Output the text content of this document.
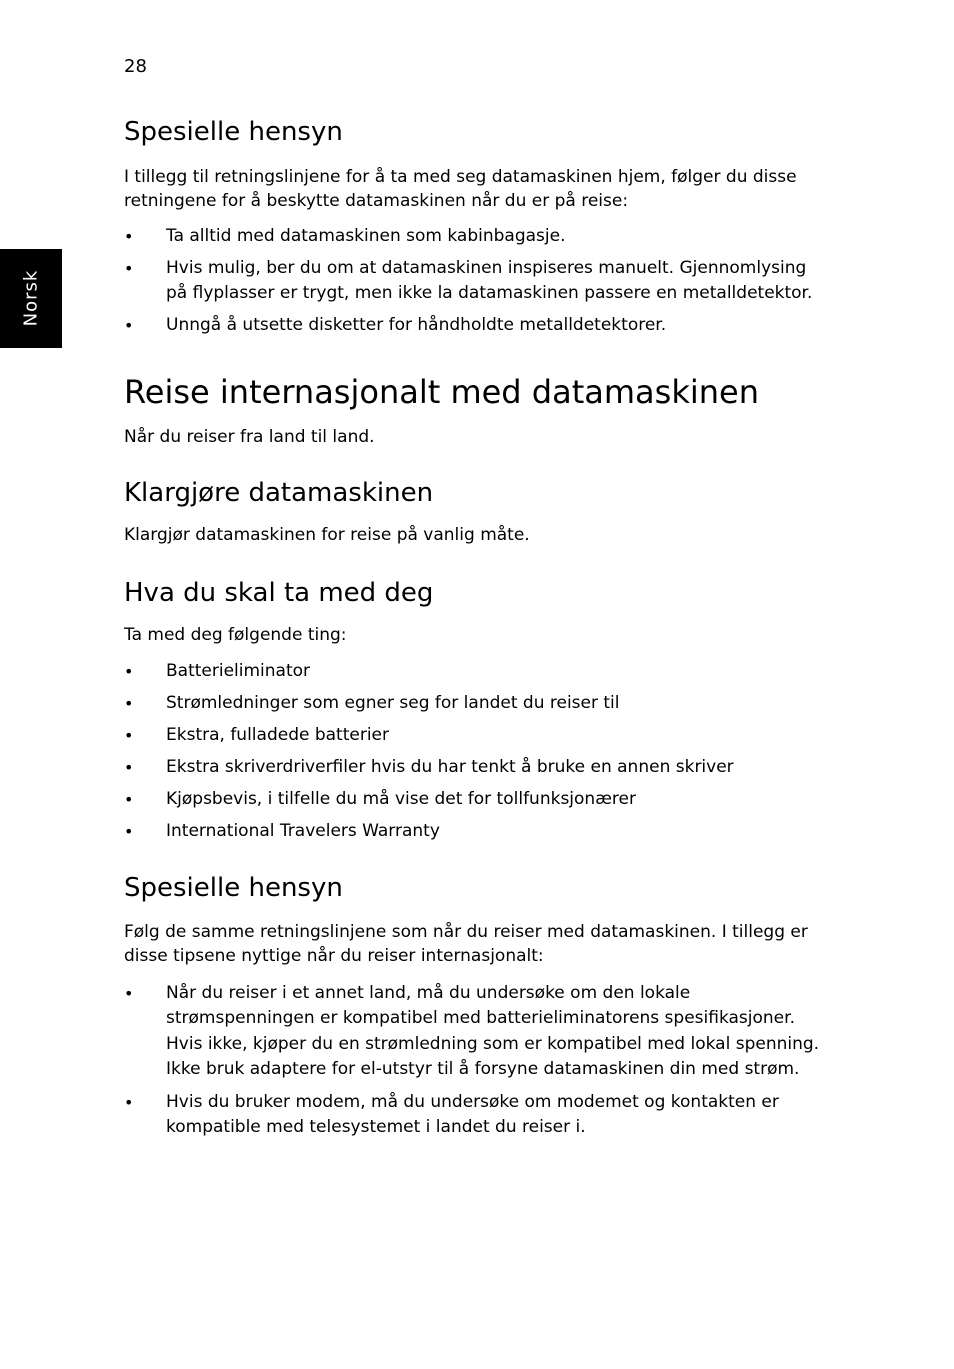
Norsk
28
Spesielle hensyn

I tillegg til retningslinjene for å ta med seg datamaskinen hjem, følger du disse retningene for å beskytte datamaskinen når du er på reise:

• Ta alltid med datamaskinen som kabinbagasje.
• Hvis mulig, ber du om at datamaskinen inspiseres manuelt. Gjennomlysing på flyplasser er trygt, men ikke la datamaskinen passere en metalldetektor.
• Unngå å utsette disketter for håndholdte metalldetektorer.
Reise internasjonalt med datamaskinen

Når du reiser fra land til land.

Klargjøre datamaskinen

Klargjør datamaskinen for reise på vanlig måte.

Hva du skal ta med deg

Ta med deg følgende ting:

• Batterieliminator
• Strømledninger som egner seg for landet du reiser til
• Ekstra, fulladede batterier
• Ekstra skriverdriverfiler hvis du har tenkt å bruke en annen skriver
• Kjøpsbevis, i tilfelle du må vise det for tollfunksjonærer
• International Travelers Warranty
Spesielle hensyn

Følg de samme retningslinjene som når du reiser med datamaskinen. I tillegg er disse tipsene nyttige når du reiser internasjonalt:

• Når du reiser i et annet land, må du undersøke om den lokale strømspenningen er kompatibel med batterieliminatorens spesifikasjoner. Hvis ikke, kjøper du en strømledning som er kompatibel med lokal spenning. Ikke bruk adaptere for el-utstyr til å forsyne datamaskinen din med strøm.
• Hvis du bruker modem, må du undersøke om modemet og kontakten er kompatible med telesystemet i landet du reiser i.
